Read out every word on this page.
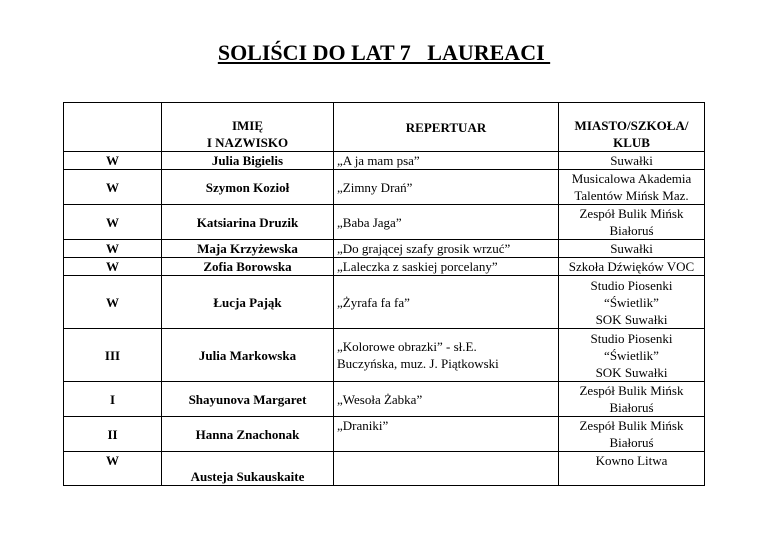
SOLIŚCI DO LAT 7   LAUREACI

	IMIĘ
I NAZWISKO	REPERTUAR	MIASTO/SZKOŁA/
KLUB

W	Julia Bigielis	„A ja mam psa”	Suwałki

W	Szymon Kozioł	„Zimny Drań”	Musicalowa Akademia
Talentów Mińsk Maz.

W	Katsiarina Druzik	„Baba Jaga”	Zespół Bulik Mińsk
Białoruś

W	Maja Krzyżewska	„Do grającej szafy grosik wrzuć”	Suwałki

W	Zofia Borowska	„Laleczka z saskiej porcelany”	Szkoła Dźwięków VOC

W	Łucja Pająk	„Żyrafa fa fa”	Studio Piosenki
“Świetlik”
SOK Suwałki

III	Julia Markowska	„Kolorowe obrazki” - sł.E.
Buczyńska, muz. J. Piątkowski	Studio Piosenki
“Świetlik”
SOK Suwałki

I	Shayunova Margaret	„Wesoła Żabka”	Zespół Bulik Mińsk
Białoruś

II	Hanna Znachonak	„Draniki”	Zespół Bulik Mińsk
Białoruś

W	Austeja Sukauskaite		Kowno Litwa
